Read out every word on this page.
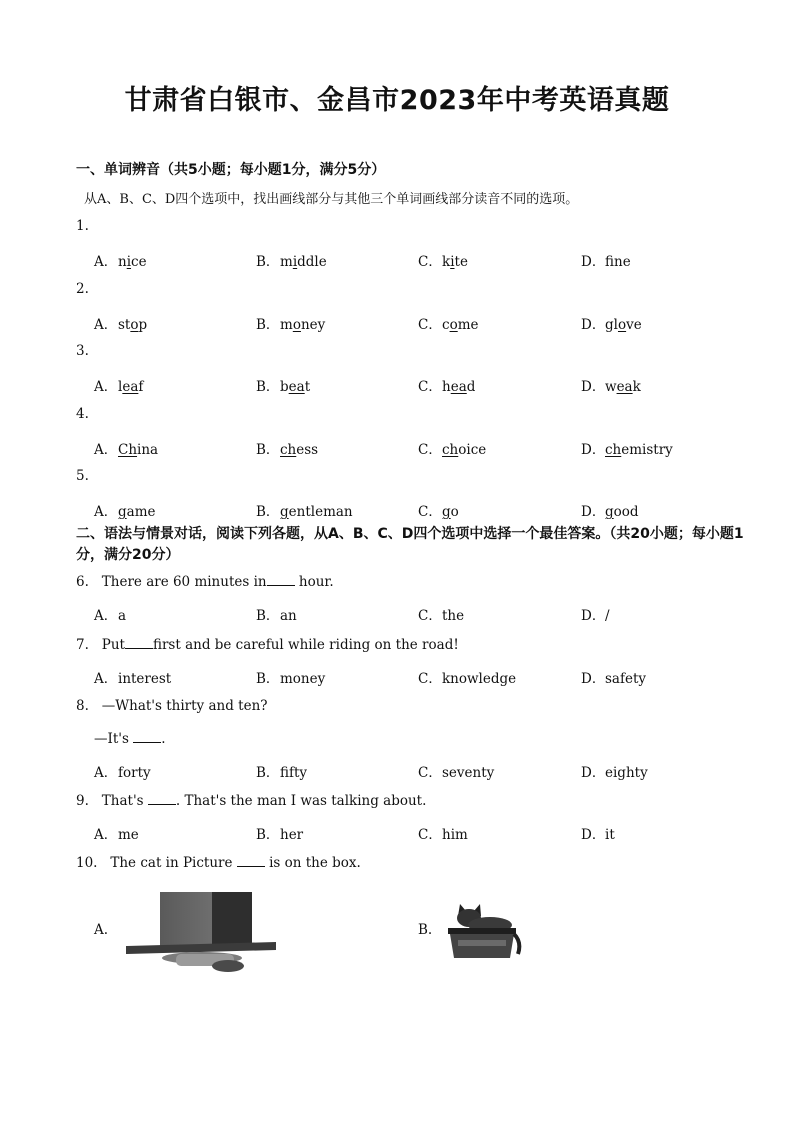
甘肃省白银市、金昌市2023年中考英语真题
一、单词辨音（共5小题；每小题1分，满分5分）
从A、B、C、D四个选项中，找出画线部分与其他三个单词画线部分读音不同的选项。
1.
A．nice	B．middle	C．kite	D．fne
2.
A．stop	B．money	C．come	D．glove
3.
A．leaf	B．beat	C．head	D．weak
4.
A．China	B．chess	C．choice	D．chemistry
5.
A．game	B．gentleman	C．go	D．good
二、语法与情景对话，阅读下列各题，从A、B、C、D四个选项中选择一个最佳答案。（共20小题；每小题1分，满分20分）
6. There are 60 minutes in hour.
A．a	B．an	C．the	D．/
7. Put first and be careful while riding on the road!
A．interest	B．money	C．knowledge	D．safety
8. —What's thirty and ten?
—It's .
A．forty	B．fifty	C．seventy	D．eighty
9. That's . That's the man I was talking about.
A．me	B．her	C．him	D．it
10. The cat in Picture	is on the box.
A.	B.
